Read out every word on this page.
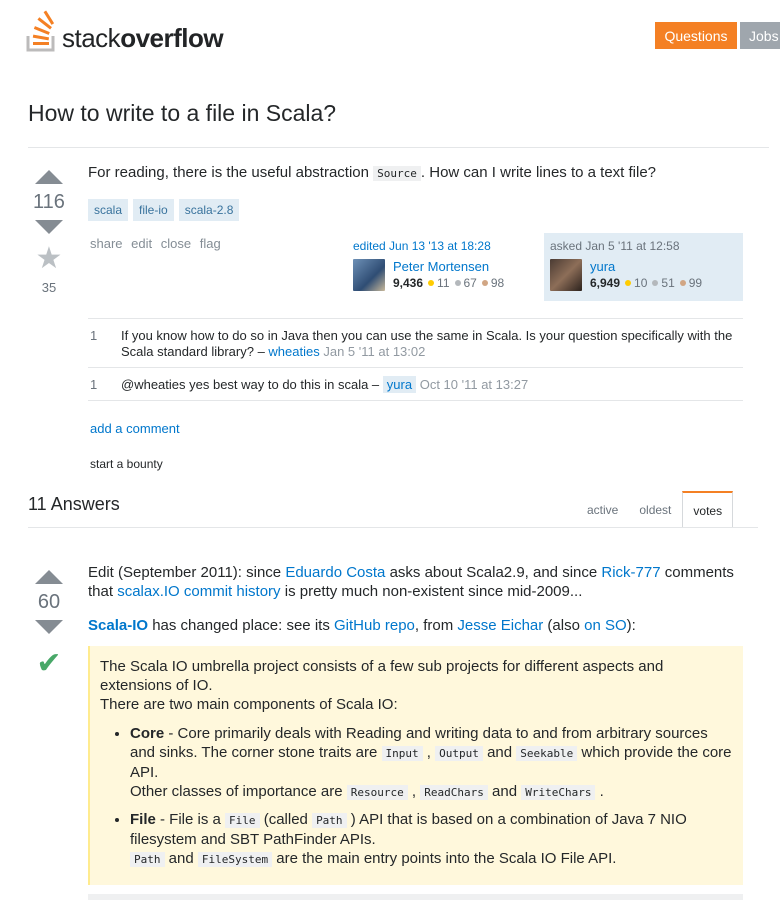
stackoverflow	Questions	Jobs
How to write to a file in Scala?
116
★
35
For reading, there is the useful abstraction Source . How can I write lines to a text file?
scala	file-io	scala-2.8
share edit close flag	edited Jun 13 '13 at 18:28
Peter Mortensen
9,436 11 67 98
asked Jan 5 '11 at 12:58
yura
6,949 10 51 99
1	If you know how to do so in Java then you can use the same in Scala. Is your question specifically with the Scala standard library? – wheaties Jan 5 '11 at 13:02
1	@wheaties yes best way to do this in scala – yura Oct 10 '11 at 13:27
add a comment
start a bounty
11 Answers	active	oldest	votes
60
✔
Edit (September 2011): since Eduardo Costa asks about Scala2.9, and since Rick-777 comments that scalax.IO commit history is pretty much non-existent since mid-2009...
Scala-IO has changed place: see its GitHub repo, from Jesse Eichar (also on SO):
The Scala IO umbrella project consists of a few sub projects for different aspects and extensions of IO.
There are two main components of Scala IO:
• Core - Core primarily deals with Reading and writing data to and from arbitrary sources and sinks. The corner stone traits are Input , Output and Seekable which provide the core API.
Other classes of importance are Resource , ReadChars and WriteChars .
• File - File is a File (called Path ) API that is based on a combination of Java 7 NIO filesystem and SBT PathFinder APIs.
Path and FileSystem are the main entry points into the Scala IO File API.
